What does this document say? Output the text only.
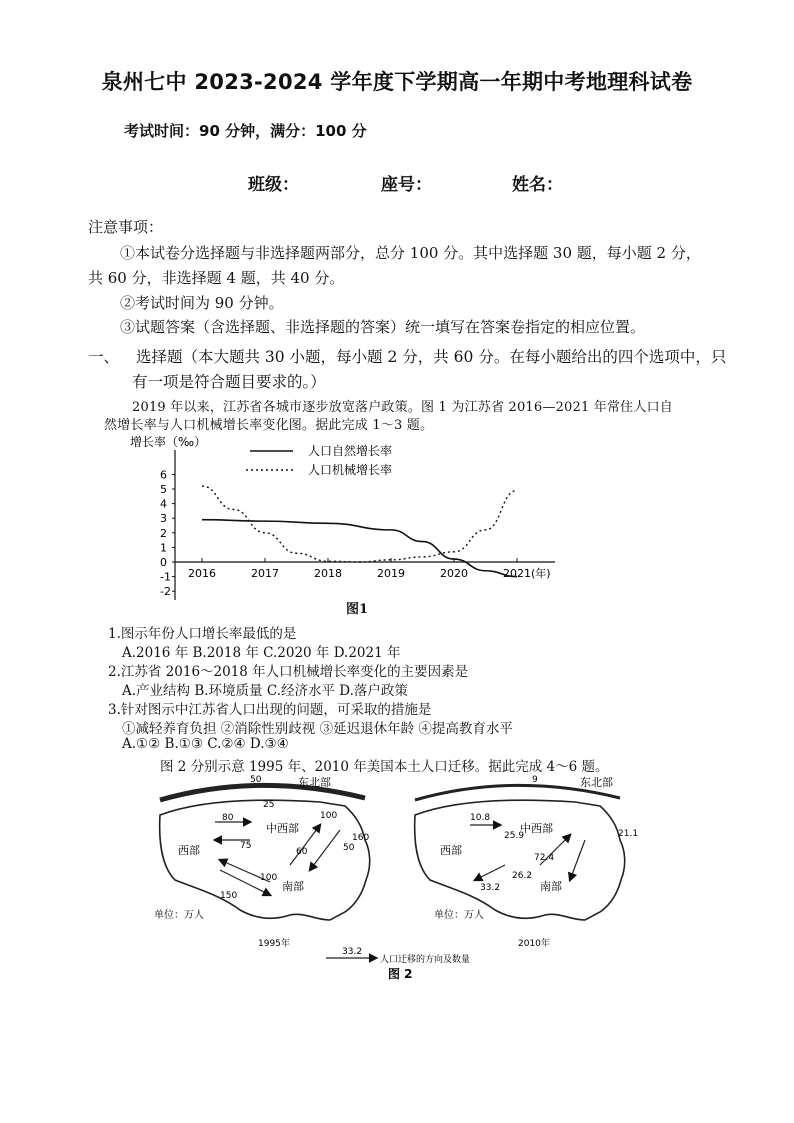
泉州七中 2023-2024 学年度下学期高一年期中考地理科试卷
考试时间：90 分钟，满分：100 分
班级：	座号：	姓名：
注意事项：
①本试卷分选择题与非选择题两部分，总分 100 分。其中选择题 30 题，每小题 2 分，
共 60 分，非选择题 4 题，共 40 分。
②考试时间为 90 分钟。
③试题答案（含选择题、非选择题的答案）统一填写在答案卷指定的相应位置。
一、 选择题（本大题共 30 小题，每小题 2 分，共 60 分。在每小题给出的四个选项中，只
有一项是符合题目要求的。）
2019 年以来，江苏省各城市逐步放宽落户政策。图 1 为江苏省 2016—2021 年常住人口自
然增长率与人口机械增长率变化图。据此完成 1～3 题。
增长率（‰）
6
5
4
3
2
1
0
-1
-2
2016	2017	2018	2019	2020	2021(年)
人口自然增长率
人口机械增长率
图1
1.图示年份人口增长率最低的是
A.2016 年 B.2018 年 C.2020 年 D.2021 年
2.江苏省 2016～2018 年人口机械增长率变化的主要因素是
A.产业结构 B.环境质量 C.经济水平 D.落户政策
3.针对图示中江苏省人口出现的问题，可采取的措施是
①减轻养育负担 ②消除性别歧视 ③延迟退休年龄 ④提高教育水平
A.①② B.①③ C.②④ D.③④
图 2 分别示意 1995 年、2010 年美国本土人口迁移。据此完成 4～6 题。
50
25
80
75
60
100
150
100
50
160
东北部
中西部
西部
南部
单位：万人
1995年
9
10.8
25.9
72.4
33.2
26.2
21.1
东北部
中西部
西部
南部
单位：万人
2010年
33.2
人口迁移的方向及数量
图 2
